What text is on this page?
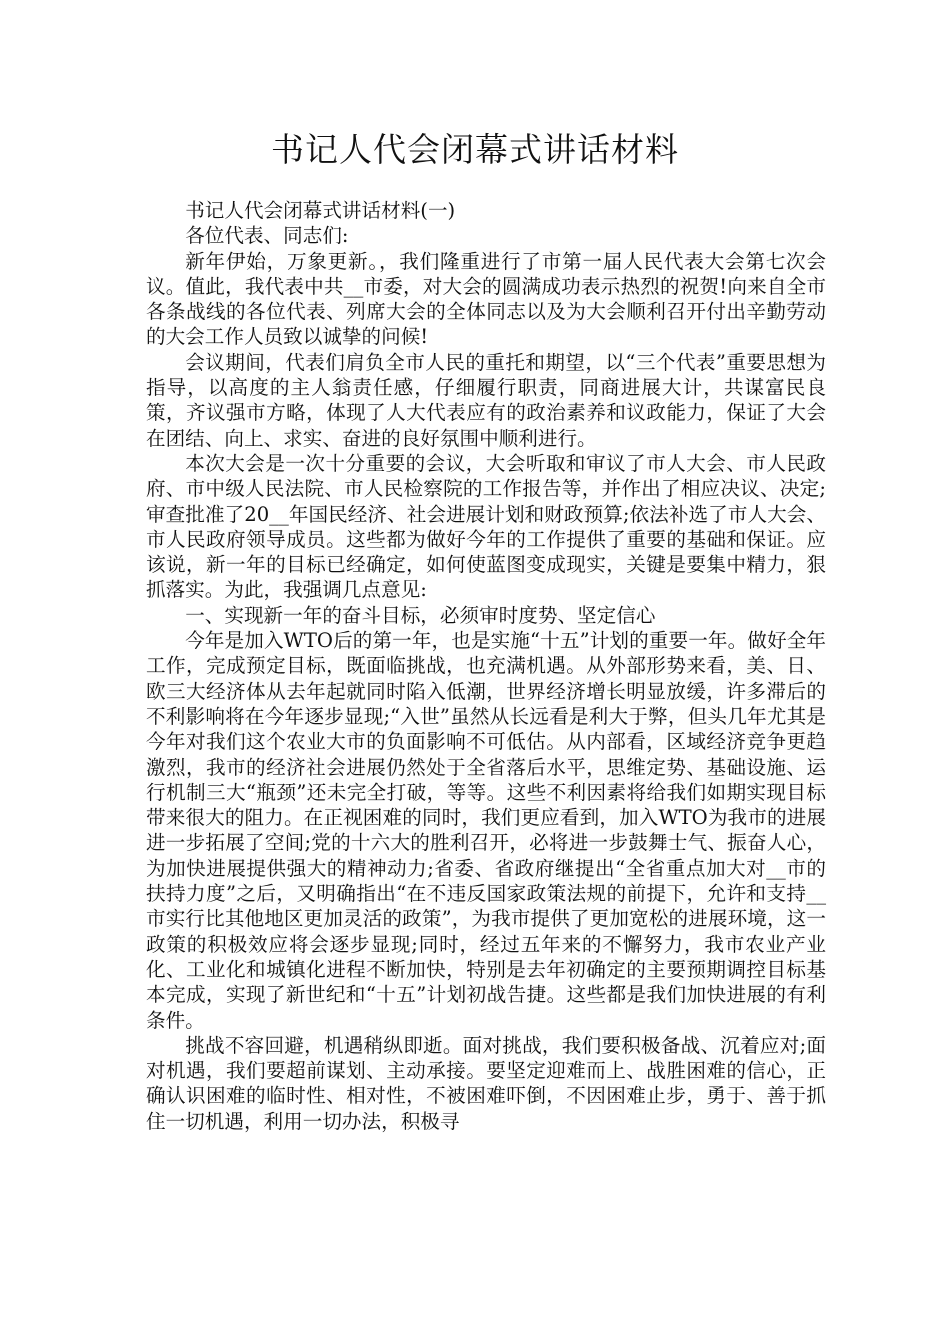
书记人代会闭幕式讲话材料

书记人代会闭幕式讲话材料(一)

各位代表、同志们:

新年伊始，万象更新。，我们隆重进行了市第一届人民代表大会第七次会议。值此，我代表中共__市委，对大会的圆满成功表示热烈的祝贺!向来自全市各条战线的各位代表、列席大会的全体同志以及为大会顺利召开付出辛勤劳动的大会工作人员致以诚挚的问候!

会议期间，代表们肩负全市人民的重托和期望，以“三个代表”重要思想为指导，以高度的主人翁责任感，仔细履行职责，同商进展大计，共谋富民良策，齐议强市方略，体现了人大代表应有的政治素养和议政能力，保证了大会在团结、向上、求实、奋进的良好氛围中顺利进行。

本次大会是一次十分重要的会议，大会听取和审议了市人大会、市人民政府、市中级人民法院、市人民检察院的工作报告等，并作出了相应决议、决定;审查批准了20__年国民经济、社会进展计划和财政预算;依法补选了市人大会、市人民政府领导成员。这些都为做好今年的工作提供了重要的基础和保证。应该说，新一年的目标已经确定，如何使蓝图变成现实，关键是要集中精力，狠抓落实。为此，我强调几点意见:

一、实现新一年的奋斗目标，必须审时度势、坚定信心

今年是加入WTO后的第一年，也是实施“十五”计划的重要一年。做好全年工作，完成预定目标，既面临挑战，也充满机遇。从外部形势来看，美、日、欧三大经济体从去年起就同时陷入低潮，世界经济增长明显放缓，许多滞后的不利影响将在今年逐步显现;“入世”虽然从长远看是利大于弊，但头几年尤其是今年对我们这个农业大市的负面影响不可低估。从内部看，区域经济竞争更趋激烈，我市的经济社会进展仍然处于全省落后水平，思维定势、基础设施、运行机制三大“瓶颈”还未完全打破，等等。这些不利因素将给我们如期实现目标带来很大的阻力。在正视困难的同时，我们更应看到，加入WTO为我市的进展进一步拓展了空间;党的十六大的胜利召开，必将进一步鼓舞士气、振奋人心，为加快进展提供强大的精神动力;省委、省政府继提出“全省重点加大对__市的扶持力度”之后，又明确指出“在不违反国家政策法规的前提下，允许和支持__市实行比其他地区更加灵活的政策”，为我市提供了更加宽松的进展环境，这一政策的积极效应将会逐步显现;同时，经过五年来的不懈努力，我市农业产业化、工业化和城镇化进程不断加快，特别是去年初确定的主要预期调控目标基本完成，实现了新世纪和“十五”计划初战告捷。这些都是我们加快进展的有利条件。

挑战不容回避，机遇稍纵即逝。面对挑战，我们要积极备战、沉着应对;面对机遇，我们要超前谋划、主动承接。要坚定迎难而上、战胜困难的信心，正确认识困难的临时性、相对性，不被困难吓倒，不因困难止步，勇于、善于抓住一切机遇，利用一切办法，积极寻
